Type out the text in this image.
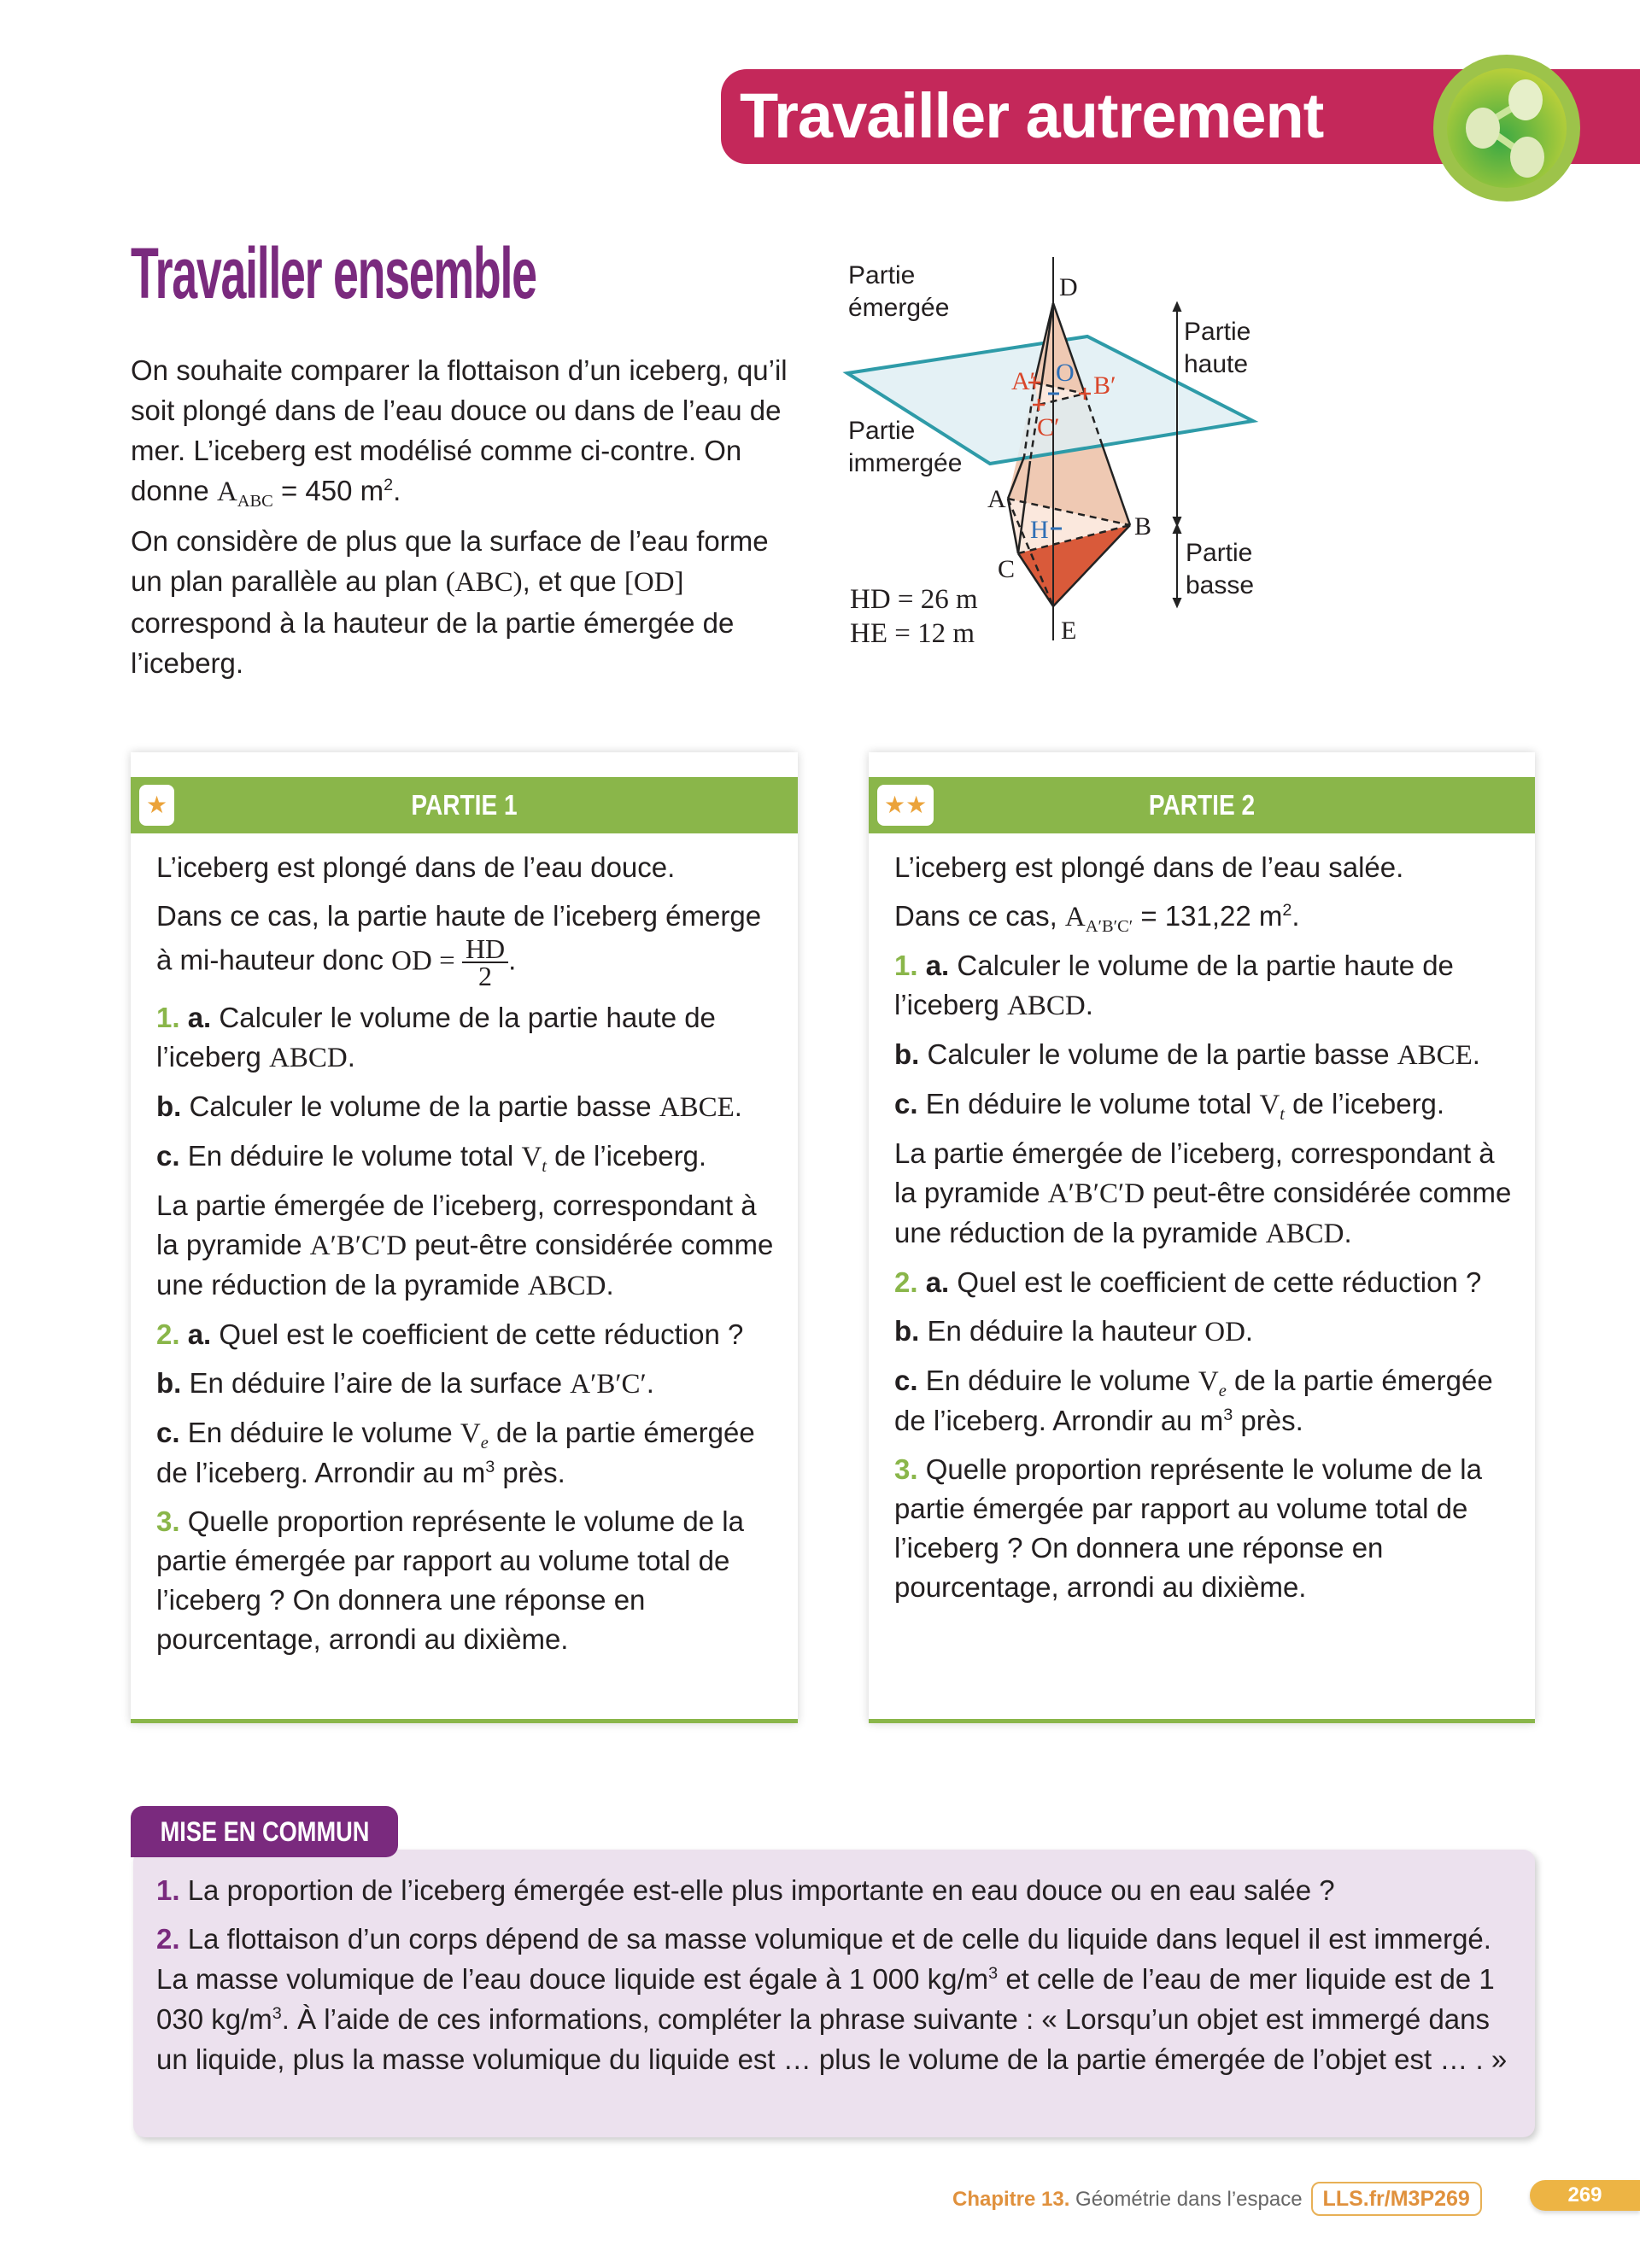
Travailler autrement
Travailler ensemble

On souhaite comparer la flottaison d’un iceberg, qu’il soit plongé dans de l’eau douce ou dans de l’eau de mer. L’iceberg est modélisé comme ci-contre. On donne $A_{ABC} = 450$ $m^2$.

On considère de plus que la surface de l’eau forme un plan parallèle au plan (ABC), et que [OD] correspond à la hauteur de la partie émergée de l’iceberg.

Partie
émergée
Partie
immergée
Partie
haute
Partie
basse
D
A
B
C
E
H
O
A′ B′
C′
HD = 26 m
HE = 12 m
★	PARTIE 1

L’iceberg est plongé dans de l’eau douce.

Dans ce cas, la partie haute de l’iceberg émerge à mi-hauteur donc OD = $\frac{HD}{2}$ .

1. a. Calculer le volume de la partie haute de l’iceberg ABCD.

b. Calculer le volume de la partie basse ABCE.

c. En déduire le volume total $V_t$ de l’iceberg.

La partie émergée de l’iceberg, correspondant à la pyramide A′B′C′D peut-être considérée comme une réduction de la pyramide ABCD.

2. a. Quel est le coefficient de cette réduction ?

b. En déduire l’aire de la surface A′B′C′.

c. En déduire le volume $V_e$ de la partie émergée de l’iceberg. Arrondir au $m^3$ près.

3. Quelle proportion représente le volume de la partie émergée par rapport au volume total de l’iceberg ? On donnera une réponse en pourcentage, arrondi au dixième.

★★	PARTIE 2

L’iceberg est plongé dans de l’eau salée.

Dans ce cas, $A_{A'B'C'} = 131,22$ $m^2$.

1. a. Calculer le volume de la partie haute de l’iceberg ABCD.

b. Calculer le volume de la partie basse ABCE.

c. En déduire le volume total $V_t$ de l’iceberg.

La partie émergée de l’iceberg, correspondant à la pyramide A′B′C′D peut-être considérée comme une réduction de la pyramide ABCD.

2. a. Quel est le coefficient de cette réduction ?

b. En déduire la hauteur OD.

c. En déduire le volume $V_e$ de la partie émergée de l’iceberg. Arrondir au $m^3$ près.

3. Quelle proportion représente le volume de la partie émergée par rapport au volume total de l’iceberg ? On donnera une réponse en pourcentage, arrondi au dixième.

MISE EN COMMUN

1. La proportion de l’iceberg émergée est-elle plus importante en eau douce ou en eau salée ?

2. La flottaison d’un corps dépend de sa masse volumique et de celle du liquide dans lequel il est immergé. La masse volumique de l’eau douce liquide est égale à 1 000 $kg/m^3$ et celle de l’eau de mer liquide est de 1 030 $kg/m^3$. À l’aide de ces informations, compléter la phrase suivante : « Lorsqu’un objet est immergé dans un liquide, plus la masse volumique du liquide est … plus le volume de la partie émergée de l’objet est … . »

Chapitre 13. Géométrie dans l’espace LLS.fr/M3P269	269
